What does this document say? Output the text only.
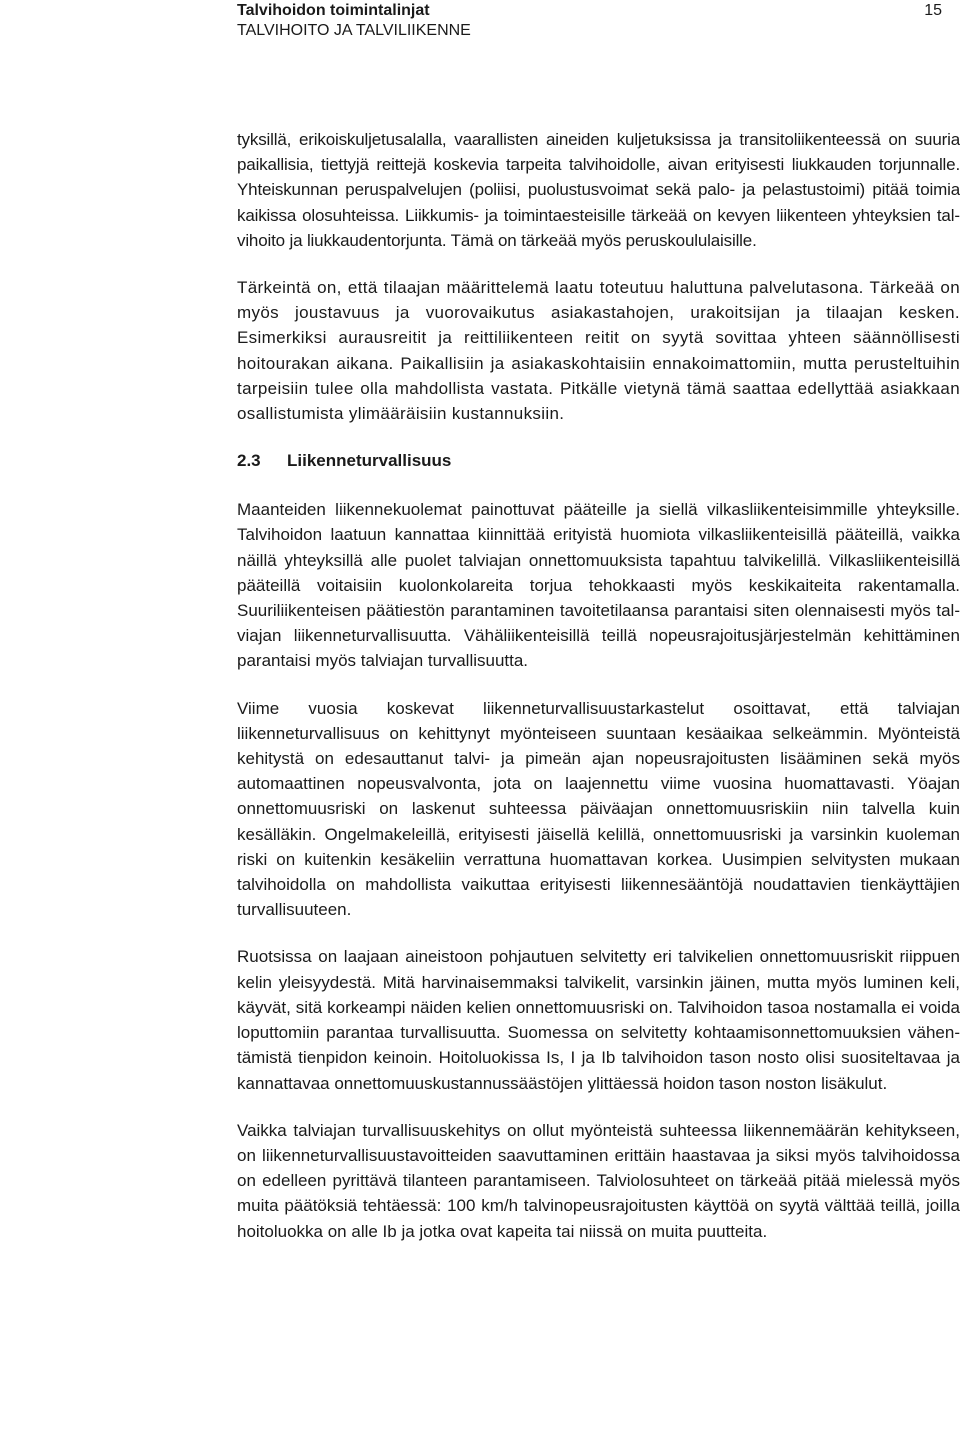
Talvihoidon toimintalinjat
TALVIHOITO JA TALVILIIKENNE
15

tyksillä, erikoiskuljetusalalla, vaarallisten aineiden kuljetuksissa ja transitoliikenteessä on suuria paikallisia, tiettyjä reittejä koskevia tarpeita talvihoidolle, aivan erityisesti liukkauden torjunnalle. Yhteiskunnan peruspalvelujen (poliisi, puolustusvoimat sekä palo- ja pelastustoimi) pitää toimia kaikissa olosuhteissa. Liikkumis- ja toimintaesteisille tärkeää on kevyen liikenteen yhteyksien talvihoito ja liukkaudentorjunta. Tämä on tärkeää myös peruskoululaisille.

Tärkeintä on, että tilaajan määrittelemä laatu toteutuu haluttuna palvelutasona. Tärkeää on myös joustavuus ja vuorovaikutus asiakastahojen, urakoitsijan ja tilaajan kesken. Esimerkiksi aurausreitit ja reittiliikenteen reitit on syytä sovittaa yhteen säännöllisesti hoitourakan aikana. Paikallisiin ja asiakaskohtaisiin ennakoimattomiin, mutta perusteltuihin tarpeisiin tulee olla mahdollista vastata. Pitkälle vietynä tämä saattaa edellyttää asiakkaan osallistumista ylimääräisiin kustannuksiin.

2.3 Liikenneturvallisuus

Maanteiden liikennekuolemat painottuvat pääteille ja siellä vilkasliikenteisimmille yhteyksille. Talvihoidon laatuun kannattaa kiinnittää erityistä huomiota vilkasliikenteisillä pääteillä, vaikka näillä yhteyksillä alle puolet talviajan onnettomuuksista tapahtuu talvikelillä. Vilkasliikenteisillä pääteillä voitaisiin kuolonkolareita torjua tehokkaasti myös keskikaiteita rakentamalla. Suuriliikenteisen päätiestön parantaminen tavoitetilaansa parantaisi siten olennaisesti myös talviajan liikenneturvallisuutta. Vähäliikenteisillä teillä nopeusrajoitusjärjestelmän kehittäminen parantaisi myös talviajan turvallisuutta.

Viime vuosia koskevat liikenneturvallisuustarkastelut osoittavat, että talviajan liikenneturvallisuus on kehittynyt myönteiseen suuntaan kesäaikaa selkeämmin. Myönteistä kehitystä on edesauttanut talvi- ja pimeän ajan nopeusrajoitusten lisääminen sekä myös automaattinen nopeusvalvonta, jota on laajennettu viime vuosina huomattavasti. Yöajan onnettomuusriski on laskenut suhteessa päiväajan onnettomuusriskiin niin talvella kuin kesälläkin. Ongelmakeleillä, erityisesti jäisellä kelillä, onnettomuusriski ja varsinkin kuoleman riski on kuitenkin kesäkeliin verrattuna huomattavan korkea. Uusimpien selvitysten mukaan talvihoidolla on mahdollista vaikuttaa erityisesti liikennesääntöjä noudattavien tienkäyttäjien turvallisuuteen.

Ruotsissa on laajaan aineistoon pohjautuen selvitetty eri talvikelien onnettomuusriskit riippuen kelin yleisyydestä. Mitä harvinaisemmaksi talvikelit, varsinkin jäinen, mutta myös luminen keli, käyvät, sitä korkeampi näiden kelien onnettomuusriski on. Talvihoidon tasoa nostamalla ei voida loputtomiin parantaa turvallisuutta. Suomessa on selvitetty kohtaamisonnettomuuksien vähentämistä tienpidon keinoin. Hoitoluokissa Is, I ja Ib talvihoidon tason nosto olisi suositeltavaa ja kannattavaa onnettomuuskustannussäästöjen ylittäessä hoidon tason noston lisäkulut.

Vaikka talviajan turvallisuuskehitys on ollut myönteistä suhteessa liikennemäärän kehitykseen, on liikenneturvallisuustavoitteiden saavuttaminen erittäin haastavaa ja siksi myös talvihoidossa on edelleen pyrittävä tilanteen parantamiseen. Talviolosuhteet on tärkeää pitää mielessä myös muita päätöksiä tehtäessä: 100 km/h talvinopeusrajoitusten käyttöä on syytä välttää teillä, joilla hoitoluokka on alle Ib ja jotka ovat kapeita tai niissä on muita puutteita.
